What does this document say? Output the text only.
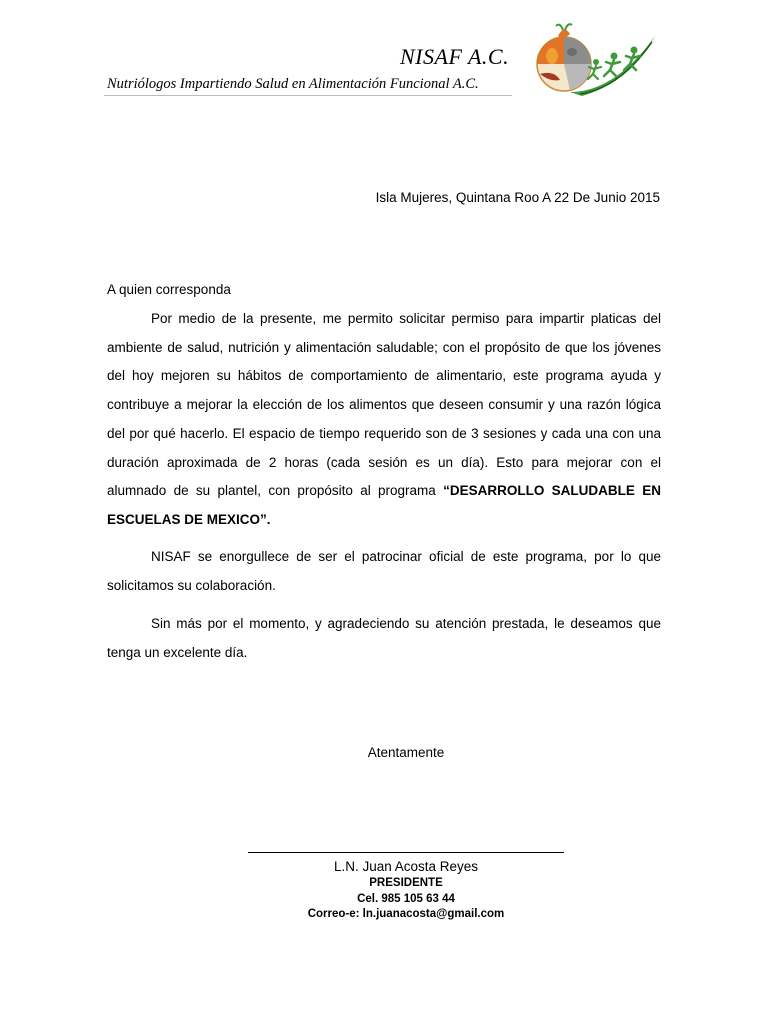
NISAF A.C.
Nutriólogos Impartiendo Salud en Alimentación Funcional A.C.
Isla Mujeres, Quintana Roo A 22 De Junio 2015
A quien corresponda

Por medio de la presente, me permito solicitar permiso para impartir platicas del ambiente de salud, nutrición y alimentación saludable; con el propósito de que los jóvenes del hoy mejoren su hábitos de comportamiento de alimentario, este programa ayuda y contribuye a mejorar la elección de los alimentos que deseen consumir y una razón lógica del por qué hacerlo. El espacio de tiempo requerido son de 3 sesiones y cada una con una duración aproximada de 2 horas (cada sesión es un día). Esto para mejorar con el alumnado de su plantel, con propósito al programa “DESARROLLO SALUDABLE EN ESCUELAS DE MEXICO”.

NISAF se enorgullece de ser el patrocinar oficial de este programa, por lo que solicitamos su colaboración.

Sin más por el momento, y agradeciendo su atención prestada, le deseamos que tenga un excelente día.

Atentamente
L.N. Juan Acosta Reyes
PRESIDENTE
Cel. 985 105 63 44
Correo-e: ln.juanacosta@gmail.com
